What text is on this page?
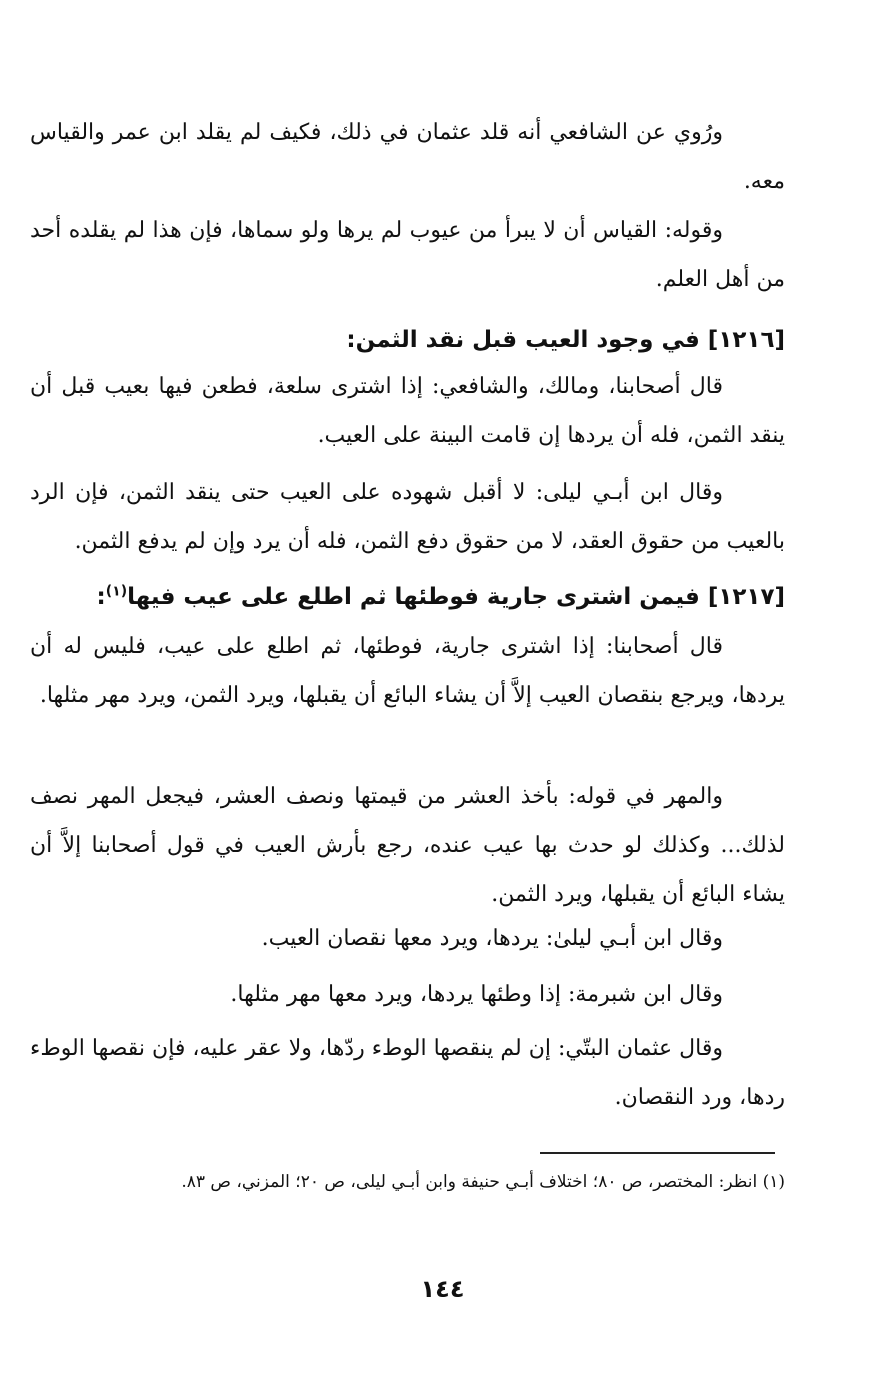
ورُوي عن الشافعي أنه قلد عثمان في ذلك، فكيف لم يقلد ابن عمر والقياس معه.

وقوله: القياس أن لا يبرأ من عيوب لم يرها ولو سماها، فإن هذا لم يقلده أحد من أهل العلم.

[١٢١٦] في وجود العيب قبل نقد الثمن:

قال أصحابنا، ومالك، والشافعي: إذا اشترى سلعة، فطعن فيها بعيب قبل أن ينقد الثمن، فله أن يردها إن قامت البينة على العيب.

وقال ابن أبـي ليلى: لا أقبل شهوده على العيب حتى ينقد الثمن، فإن الرد بالعيب من حقوق العقد، لا من حقوق دفع الثمن، فله أن يرد وإن لم يدفع الثمن.

[١٢١٧] فيمن اشترى جارية فوطئها ثم اطلع على عيب فيها$^{(١)}$:

قال أصحابنا: إذا اشترى جارية، فوطئها، ثم اطلع على عيب، فليس له أن يردها، ويرجع بنقصان العيب إلاَّ أن يشاء البائع أن يقبلها، ويرد الثمن، ويرد مهر مثلها.

والمهر في قوله: بأخذ العشر من قيمتها ونصف العشر، فيجعل المهر نصف لذلك... وكذلك لو حدث بها عيب عنده، رجع بأرش العيب في قول أصحابنا إلاَّ أن يشاء البائع أن يقبلها، ويرد الثمن.

وقال ابن أبـي ليلىٰ: يردها، ويرد معها نقصان العيب.

وقال ابن شبرمة: إذا وطئها يردها، ويرد معها مهر مثلها.

وقال عثمان البتّي: إن لم ينقصها الوطء ردّها، ولا عقر عليه، فإن نقصها الوطء ردها، ورد النقصان.

(١) انظر: المختصر، ص ٨٠؛ اختلاف أبـي حنيفة وابن أبـي ليلى، ص ٢٠؛ المزني، ص ٨٣.

١٤٤
